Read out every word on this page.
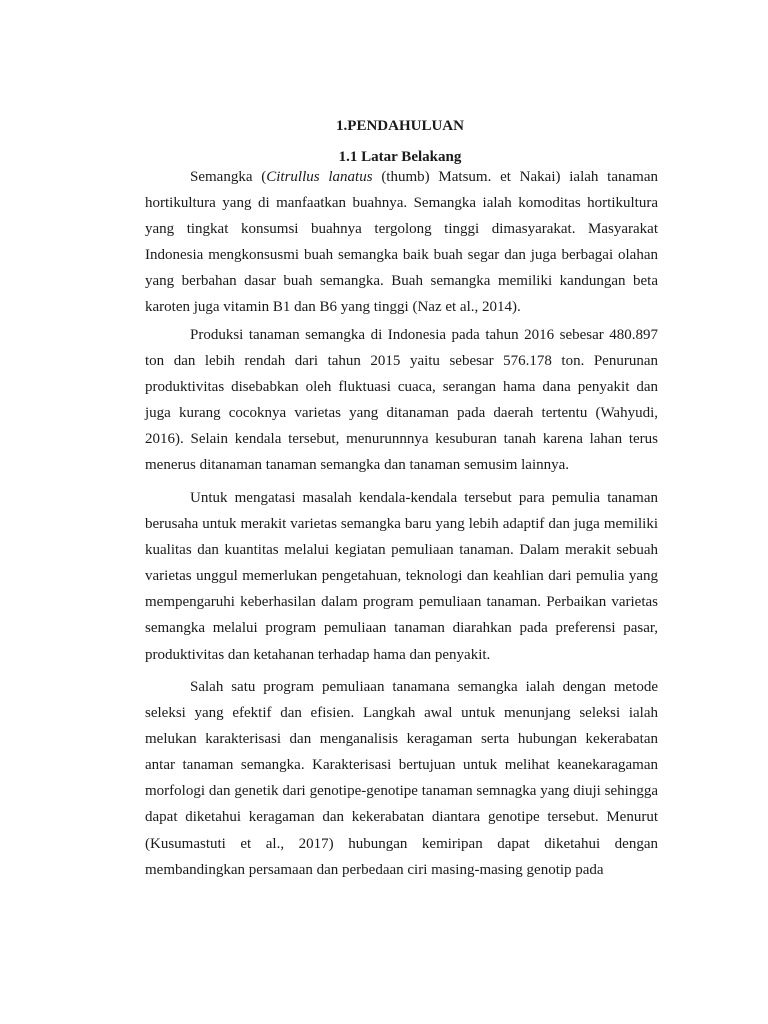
1.PENDAHULUAN
1.1 Latar Belakang

Semangka (Citrullus lanatus (thumb) Matsum. et Nakai) ialah tanaman hortikultura yang di manfaatkan buahnya. Semangka ialah komoditas hortikultura yang tingkat konsumsi buahnya tergolong tinggi dimasyarakat. Masyarakat Indonesia mengkonsusmi buah semangka baik buah segar dan juga berbagai olahan yang berbahan dasar buah semangka. Buah semangka memiliki kandungan beta karoten juga vitamin B1 dan B6 yang tinggi (Naz et al., 2014).

Produksi tanaman semangka di Indonesia pada tahun 2016 sebesar 480.897 ton dan lebih rendah dari tahun 2015 yaitu sebesar 576.178 ton. Penurunan produktivitas disebabkan oleh fluktuasi cuaca, serangan hama dana penyakit dan juga kurang cocoknya varietas yang ditanaman pada daerah tertentu (Wahyudi, 2016). Selain kendala tersebut, menurunnnya kesuburan tanah karena lahan terus menerus ditanaman tanaman semangka dan tanaman semusim lainnya.

Untuk mengatasi masalah kendala-kendala tersebut para pemulia tanaman berusaha untuk merakit varietas semangka baru yang lebih adaptif dan juga memiliki kualitas dan kuantitas melalui kegiatan pemuliaan tanaman. Dalam merakit sebuah varietas unggul memerlukan pengetahuan, teknologi dan keahlian dari pemulia yang mempengaruhi keberhasilan dalam program pemuliaan tanaman. Perbaikan varietas semangka melalui program pemuliaan tanaman diarahkan pada preferensi pasar, produktivitas dan ketahanan terhadap hama dan penyakit.

Salah satu program pemuliaan tanamana semangka ialah dengan metode seleksi yang efektif dan efisien. Langkah awal untuk menunjang seleksi ialah melukan karakterisasi dan menganalisis keragaman serta hubungan kekerabatan antar tanaman semangka. Karakterisasi bertujuan untuk melihat keanekaragaman morfologi dan genetik dari genotipe-genotipe tanaman semnagka yang diuji sehingga dapat diketahui keragaman dan kekerabatan diantara genotipe tersebut. Menurut (Kusumastuti et al., 2017) hubungan kemiripan dapat diketahui dengan membandingkan persamaan dan perbedaan ciri masing-masing genotip pada
